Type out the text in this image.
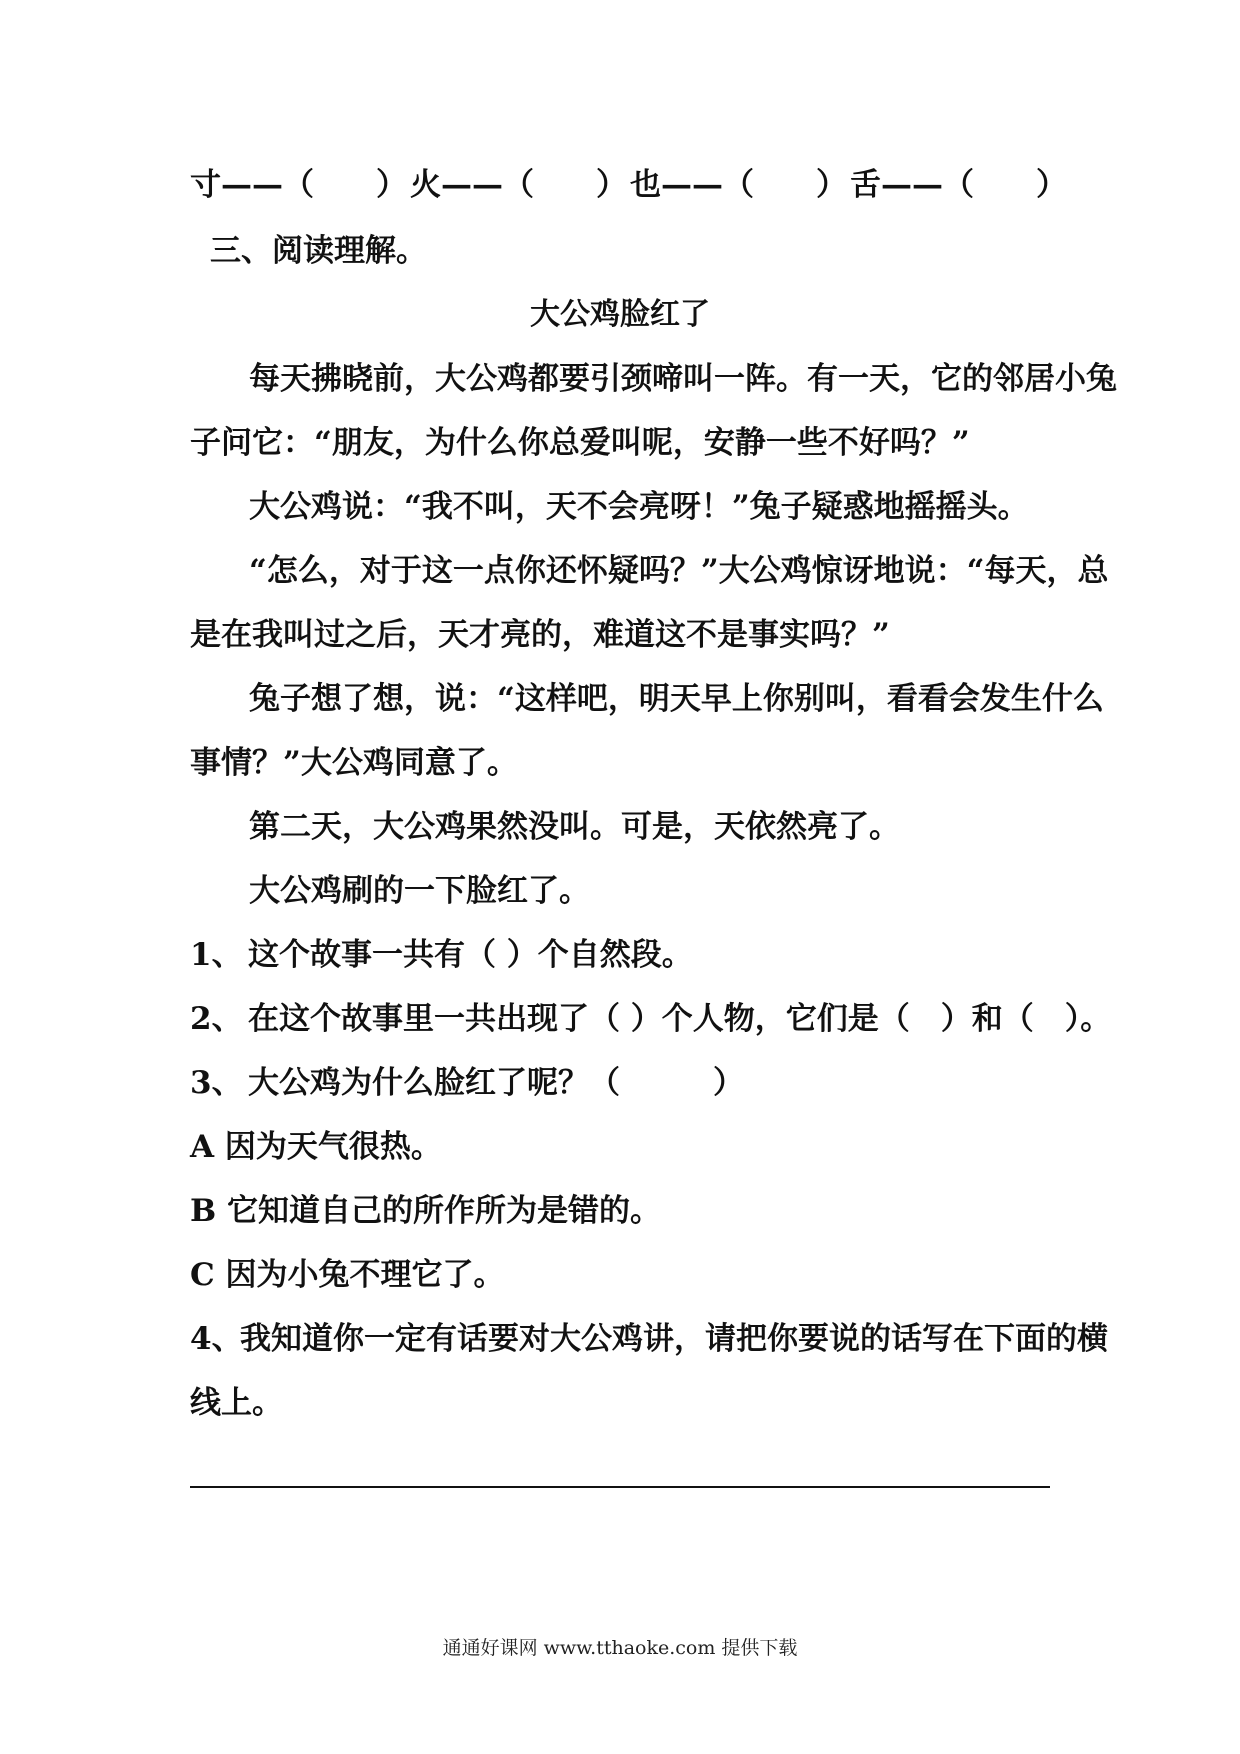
寸——（　　） 火——（　　） 也——（　　） 舌——（　　）
三、阅读理解。
大公鸡脸红了
每天拂晓前，大公鸡都要引颈啼叫一阵。有一天，它的邻居小兔
子问它：“朋友，为什么你总爱叫呢，安静一些不好吗？”
大公鸡说：“我不叫，天不会亮呀！”兔子疑惑地摇摇头。
“怎么，对于这一点你还怀疑吗？”大公鸡惊讶地说：“每天，总
是在我叫过之后，天才亮的，难道这不是事实吗？”
兔子想了想，说：“这样吧，明天早上你别叫，看看会发生什么
事情？”大公鸡同意了。
第二天，大公鸡果然没叫。可是，天依然亮了。
大公鸡刷的一下脸红了。
1、 这个故事一共有（ ）个自然段。
2、 在这个故事里一共出现了（ ）个人物，它们是（　）和（　）。
3、 大公鸡为什么脸红了呢？（　　　）
A 因为天气很热。
B 它知道自己的所作所为是错的。
C 因为小兔不理它了。
4、
我知道你一定有话要对大公鸡讲，请把你要说的话写在下面的横
线上。
通通好课网 www.tthaoke.com 提供下载
